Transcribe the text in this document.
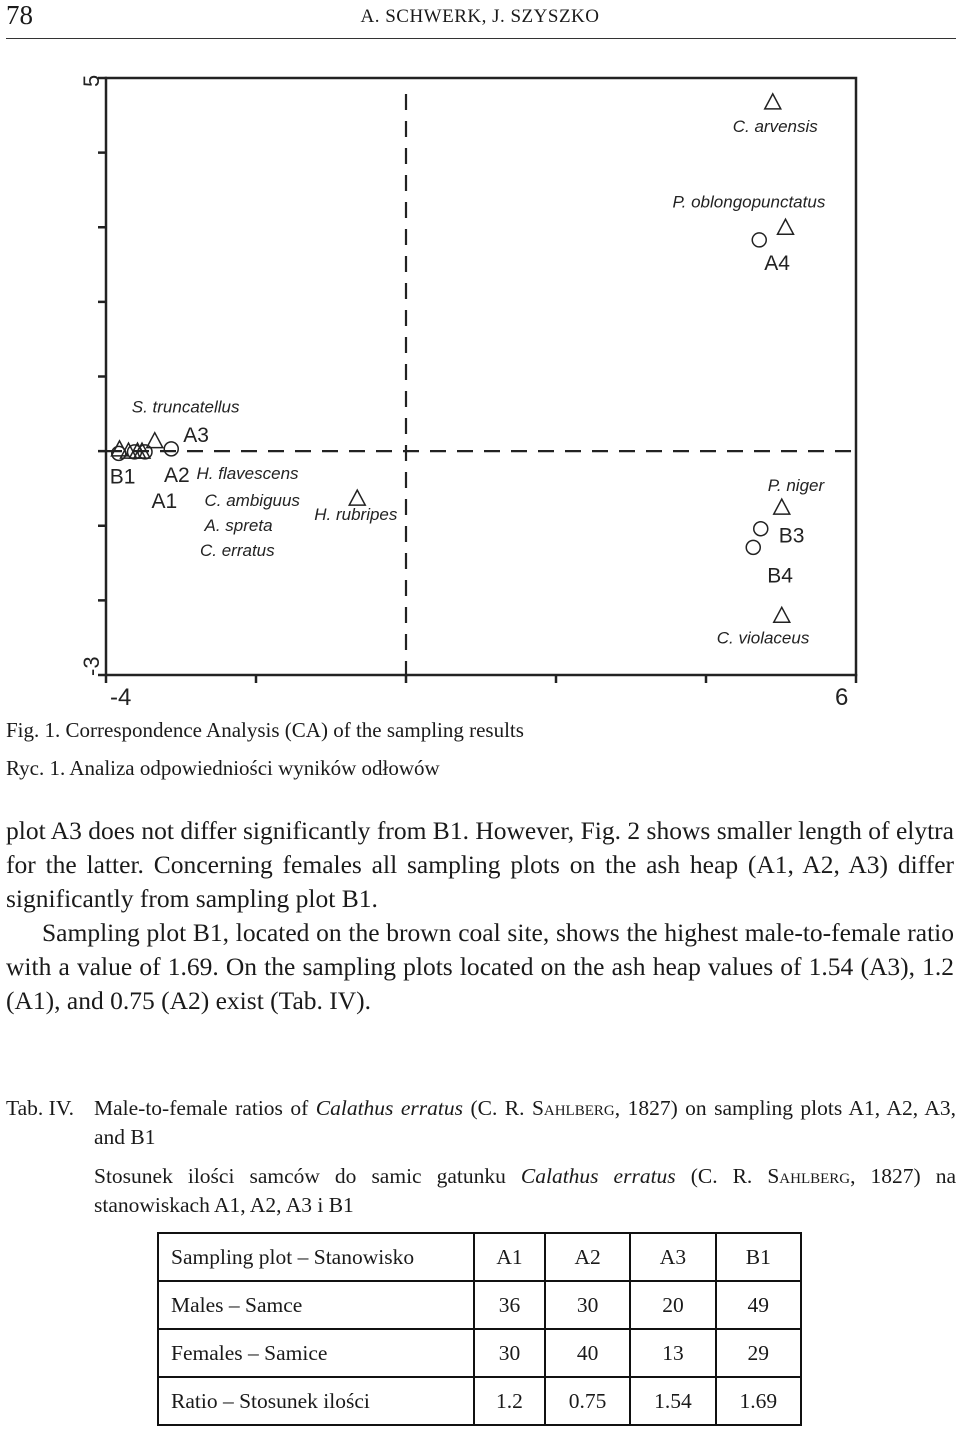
78	A. SCHWERK, J. SZYSZKO
5
-3
-4	6
B1
A1
A2
A3
A4
B3
B4
C. arvensis
P. oblongopunctatus
S. truncatellus
H. flavescens
C. ambiguus
A. spreta
C. erratus
H. rubripes
P. niger
C. violaceus
Fig. 1. Correspondence Analysis (CA) of the sampling results
Ryc. 1. Analiza odpowiedniości wyników odłowów

plot A3 does not differ significantly from B1. However, Fig. 2 shows smaller length of elytra for the latter. Concerning females all sampling plots on the ash heap (A1, A2, A3) differ significantly from sampling plot B1.

Sampling plot B1, located on the brown coal site, shows the highest male-to-female ratio with a value of 1.69. On the sampling plots located on the ash heap values of 1.54 (A3), 1.2 (A1), and 0.75 (A2) exist (Tab. IV).

Tab. IV. Male-to-female ratios of Calathus erratus (C. R. Sahlberg, 1827) on sampling plots A1, A2, A3, and B1
Stosunek ilości samców do samic gatunku Calathus erratus (C. R. Sahlberg, 1827) na stanowiskach A1, A2, A3 i B1
Sampling plot – Stanowisko	A1	A2	A3	B1
Males – Samce	36	30	20	49
Females – Samice	30	40	13	29
Ratio – Stosunek ilości	1.2	0.75	1.54	1.69
